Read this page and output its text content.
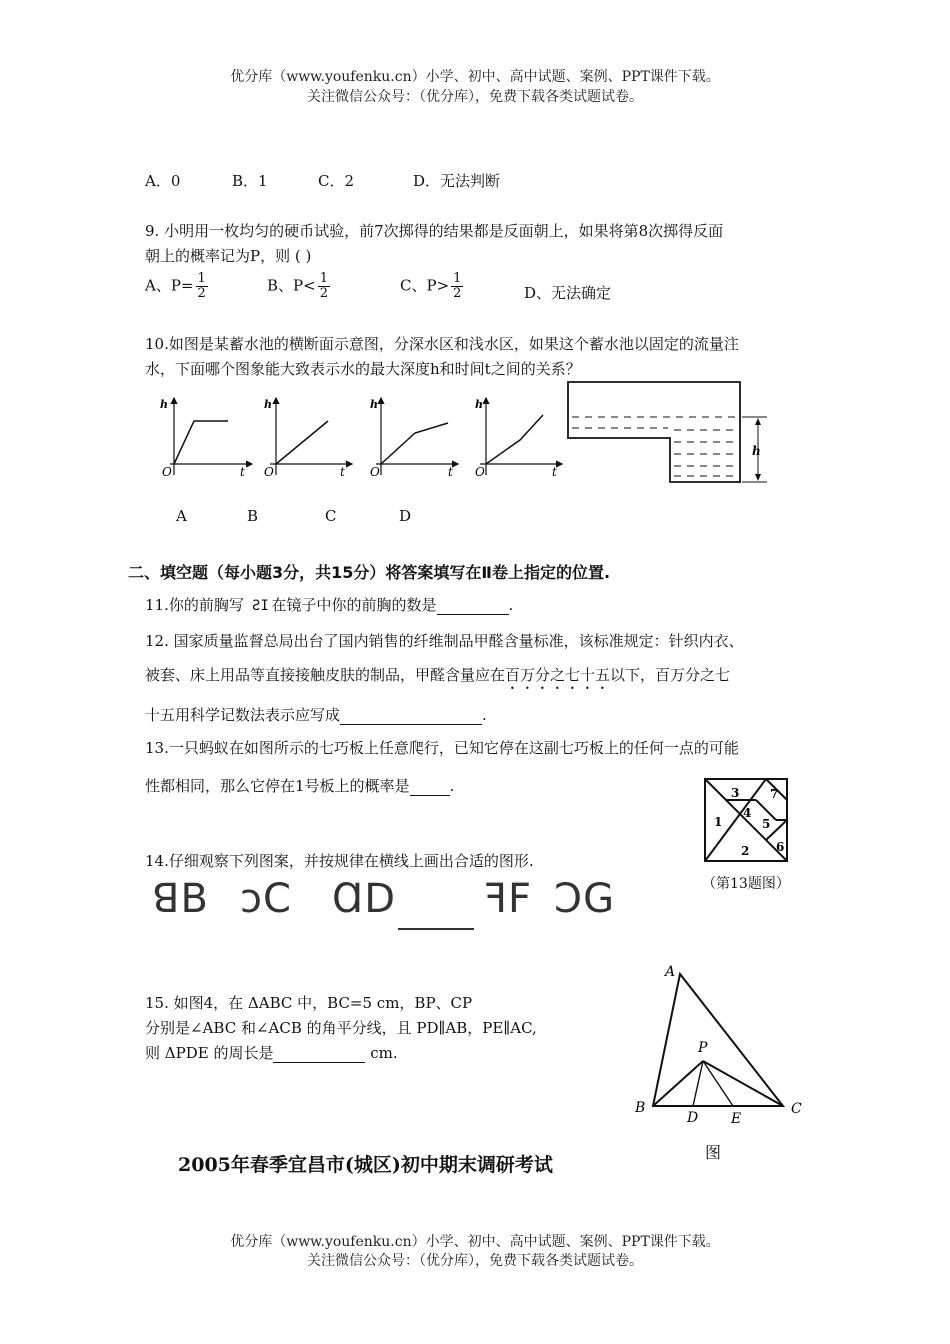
优分库（www.youfenku.cn）小学、初中、高中试题、案例、PPT课件下载。
关注微信公众号：（优分库），免费下载各类试题试卷。
A．0	B．1	C．2	D．无法判断
9. 小明用一枚均匀的硬币试验，前7次掷得的结果都是反面朝上，如果将第8次掷得反面
朝上的概率记为P，则 ( )
A、$P= \frac{1}{2}$	B、$P< \frac{1}{2}$	C、$P> \frac{1}{2}$	D、无法确定
10.如图是某蓄水池的横断面示意图，分深水区和浅水区，如果这个蓄水池以固定的流量注
水，下面哪个图象能大致表示水的最大深度h和时间t之间的关系？
h
O	t
h
O	t
h
O	t
h
O	t
h
A	B	C	D
二、填空题（每小题3分，共15分）将答案填写在Ⅱ卷上指定的位置.
11.你的前胸写 IS 在镜子中你的前胸的数是	.
12. 国家质量监督总局出台了国内销售的纤维制品甲醛含量标准，该标准规定：针织内衣、
被套、床上用品等直接接触皮肤的制品，甲醛含量应在百万分之七十五以下，百万分之七
十五用科学记数法表示应写成	.
13.一只蚂蚁在如图所示的七巧板上任意爬行，已知它停在这副七巧板上的任何一点的可能
性都相同，那么它停在1号板上的概率是	.
1
2
3
4
5
6
7
（第13题图）
14.仔细观察下列图案，并按规律在横线上画出合适的图形.
ꓭB ↄC ⱭD ꟻF ↃG
15. 如图4，在 ΔABC 中，BC=5 cm，BP、CP
分别是∠ABC 和∠ACB 的角平分线，且 PD∥AB，PE∥AC,
则 ΔPDE 的周长是	cm.
A
B	C
D E
P
图
2005年春季宜昌市(城区)初中期末调研考试
优分库（www.youfenku.cn）小学、初中、高中试题、案例、PPT课件下载。
关注微信公众号：（优分库），免费下载各类试题试卷。
